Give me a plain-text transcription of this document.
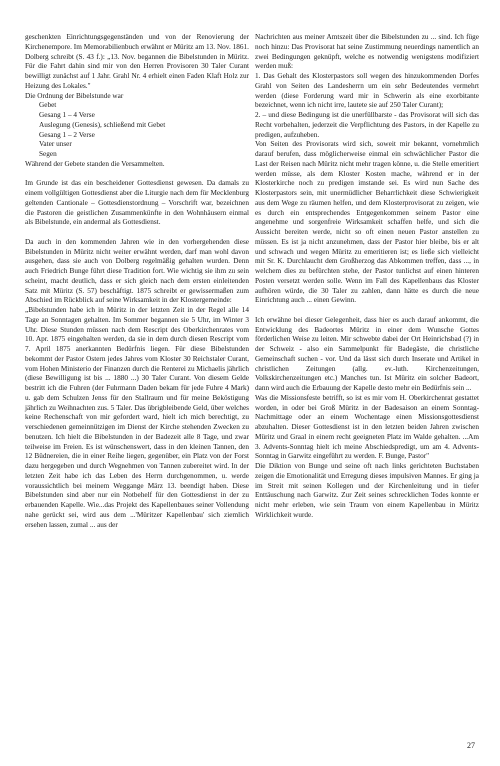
geschenkten Einrichtungsgegenständen und von der Renovierung der Kirchenempore. Im Memorabilienbuch erwähnt er Müritz am 13. Nov. 1861. Dolberg schreibt (S. 43 f.): „13. Nov. begannen die Bibelstunden in Müritz. Für die Fahrt dahin sind mir von den Herren Provisoren 30 Taler Curant bewilligt zunächst auf 1 Jahr. Grahl Nr. 4 erhielt einen Faden Klaft Holz zur Heizung des Lokales."

Die Ordnung der Bibelstunde war
Gebet
Gesang 1 – 4 Verse
Auslegung (Genesis), schließend mit Gebet
Gesang 1 – 2 Verse
Vater unser
Segen
Während der Gebete standen die Versammelten.

Im Grunde ist das ein bescheidener Gottesdienst gewesen. Da damals zu einem vollgültigen Gottesdienst aber die Liturgie nach dem für Mecklenburg geltenden Cantionale – Gottesdienstordnung – Vorschrift war, bezeichnen die Pastoren die geistlichen Zusammenkünfte in den Wohnhäusern einmal als Bibelstunde, ein andermal als Gottesdienst.

Da auch in den kommenden Jahren wie in den vorhergehenden diese Bibelstunden in Müritz nicht weiter erwähnt werden, darf man wohl davon ausgehen, dass sie auch von Dolberg regelmäßig gehalten wurden. Denn auch Friedrich Bunge führt diese Tradition fort. Wie wichtig sie ihm zu sein scheint, macht deutlich, dass er sich gleich nach dem ersten einleitenden Satz mit Müritz (S. 57) beschäftigt. 1875 schreibt er gewissermaßen zum Abschied im Rückblick auf seine Wirksamkeit in der Klostergemeinde:

„Bibelstunden habe ich in Müritz in der letzten Zeit in der Regel alle 14 Tage an Sonntagen gehalten. Im Sommer begannen sie 5 Uhr, im Winter 3 Uhr. Diese Stunden müssen nach dem Rescript des Oberkirchenrates vom 10. Apr. 1875 eingehalten werden, da sie in dem durch diesen Rescript vom 7. April 1875 anerkannten Bedürfnis liegen. Für diese Bibelstunden bekommt der Pastor Ostern jedes Jahres vom Kloster 30 Reichstaler Curant, vom Hohen Ministerio der Finanzen durch die Renterei zu Michaelis jährlich (diese Bewilligung ist bis ... 1880 ...) 30 Taler Curant. Von diesem Gelde bestritt ich die Fuhren (der Fuhrmann Daden bekam für jede Fuhre 4 Mark) u. gab dem Schulzen Jenss für den Stallraum und für meine Beköstigung jährlich zu Weihnachten zus. 5 Taler. Das übrigbleibende Geld, über welches keine Rechenschaft von mir gefordert ward, hielt ich mich berechtigt, zu verschiedenen gemeinnützigen im Dienst der Kirche stehenden Zwecken zu benutzen. Ich hielt die Bibelstunden in der Badezeit alle 8 Tage, und zwar teilweise im Freien. Es ist wünschenswert, dass in den kleinen Tannen, den 12 Büdnereien, die in einer Reihe liegen, gegenüber, ein Platz von der Forst dazu hergegeben und durch Wegnehmen von Tannen zubereitet wird. In der letzten Zeit habe ich das Leben des Herrn durchgenommen, u. werde voraussichtlich bei meinem Weggange März 13. beendigt haben. Diese Bibelstunden sind aber nur ein Notbehelf für den Gottesdienst in der zu erbauenden Kapelle. Wie...das Projekt des Kapellenbaues seiner Vollendung nahe gerückt sei, wird aus dem ...'Müritzer Kapellenbau' sich ziemlich ersehen lassen, zumal ... aus der

Nachrichten aus meiner Amtszeit über die Bibelstunden zu ... sind. Ich füge noch hinzu: Das Provisorat hat seine Zustimmung neuerdings namentlich an zwei Bedingungen geknüpft, welche es notwendig wenigstens modifiziert werden muß:

1. Das Gehalt des Klosterpastors soll wegen des hinzukommenden Dorfes Grahl von Seiten des Landesherrn um ein sehr Bedeutendes vermehrt werden (diese Forderung ward mir in Schwerin als eine exorbitante bezeichnet, wenn ich nicht irre, lautete sie auf 250 Taler Curant);

2. – und diese Bedingung ist die unerfüllbarste - das Provisorat will sich das Recht vorbehalten, jederzeit die Verpflichtung des Pastors, in der Kapelle zu predigen, aufzuheben.

Von Seiten des Provisorats wird sich, soweit mir bekannt, vornehmlich darauf berufen, dass möglicherweise einmal ein schwächlicher Pastor die Last der Reisen nach Müritz nicht mehr tragen könne, u. die Stelle emeritiert werden müsse, als dem Kloster Kosten mache, während er in der Klosterkirche noch zu predigen imstande sei. Es wird nun Sache des Klosterpastors sein, mit unermüdlicher Beharrlichkeit diese Schwierigkeit aus dem Wege zu räumen helfen, und dem Klosterprovisorat zu zeigen, wie es durch ein entsprechendes Entgegenkommen seinem Pastor eine angenehme und sorgenfreie Wirksamkeit schaffen helfe, und sich die Aussicht bereiten werde, nicht so oft einen neuen Pastor anstellen zu müssen. Es ist ja nicht anzunehmen, dass der Pastor hier bleibe, bis er alt und schwach und wegen Müritz zu emeritieren ist; es ließe sich vielleicht mit Sr. K. Durchlaucht dem Großherzog das Abkommen treffen, dass ..., in welchem dies zu befürchten stehe, der Pastor tunlichst auf einen hinteren Posten versetzt werden solle. Wenn im Fall des Kapellenbaus das Kloster aufhören würde, die 30 Taler zu zahlen, dann hätte es durch die neue Einrichtung auch ... einen Gewinn.

Ich erwähne bei dieser Gelegenheit, dass hier es auch darauf ankommt, die Entwicklung des Badeortes Müritz in einer dem Wunsche Gottes förderlichen Weise zu leiten. Mir schwebte dabei der Ort Heinrichsbad (?) in der Schweiz - also ein Sammelpunkt für Badegäste, die christliche Gemeinschaft suchen - vor. Und da lässt sich durch Inserate und Artikel in christlichen Zeitungen (allg. ev.-luth. Kirchenzeitungen, Volkskirchenzeitungen etc.) Manches tun. Ist Müritz ein solcher Badeort, dann wird auch die Erbauung der Kapelle desto mehr ein Bedürfnis sein ...

Was die Missionsfeste betrifft, so ist es mir vom H. Oberkirchenrat gestattet worden, in oder bei Groß Müritz in der Badesaison an einem Sonntag-Nachmittage oder an einem Wochentage einen Missionsgottesdienst abzuhalten. Dieser Gottesdienst ist in den letzten beiden Jahren zwischen Müritz und Graal in einem recht geeigneten Platz im Walde gehalten. ...Am 3. Advents-Sonntag hielt ich meine Abschiedspredigt, um am 4. Advents-Sonntag in Garwitz eingeführt zu werden. F. Bunge, Pastor"

Die Diktion von Bunge und seine oft nach links gerichteten Buchstaben zeigen die Emotionalität und Erregung dieses impulsiven Mannes. Er ging ja im Streit mit seinen Kollegen und der Kirchenleitung und in tiefer Enttäuschung nach Garwitz. Zur Zeit seines schrecklichen Todes konnte er nicht mehr erleben, wie sein Traum von einem Kapellenbau in Müritz Wirklichkeit wurde.

27
